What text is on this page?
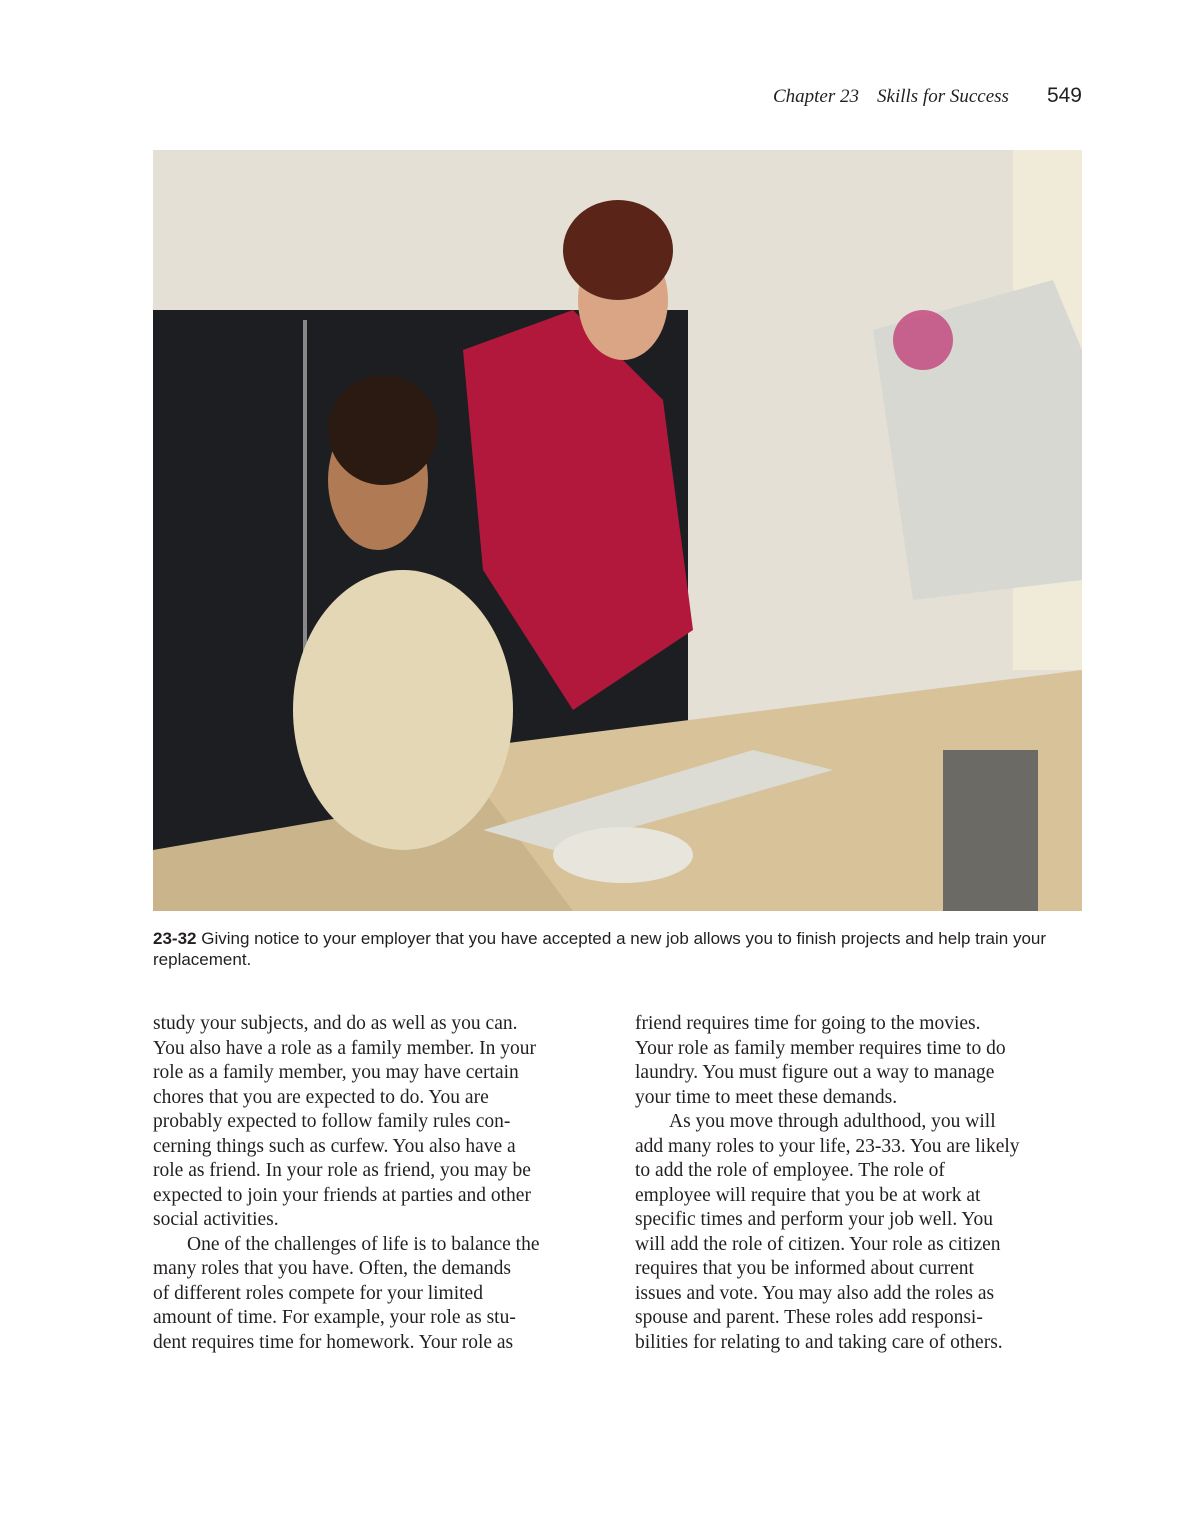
Chapter 23 Skills for Success 549
23-32 Giving notice to your employer that you have accepted a new job allows you to finish projects and help train your replacement.
study your subjects, and do as well as you can.
You also have a role as a family member. In your
role as a family member, you may have certain
chores that you are expected to do. You are
probably expected to follow family rules con-
cerning things such as curfew. You also have a
role as friend. In your role as friend, you may be
expected to join your friends at parties and other
social activities.
One of the challenges of life is to balance the
many roles that you have. Often, the demands
of different roles compete for your limited
amount of time. For example, your role as stu-
dent requires time for homework. Your role as
friend requires time for going to the movies.
Your role as family member requires time to do
laundry. You must figure out a way to manage
your time to meet these demands.
As you move through adulthood, you will
add many roles to your life, 23-33. You are likely
to add the role of employee. The role of
employee will require that you be at work at
specific times and perform your job well. You
will add the role of citizen. Your role as citizen
requires that you be informed about current
issues and vote. You may also add the roles as
spouse and parent. These roles add responsi-
bilities for relating to and taking care of others.
